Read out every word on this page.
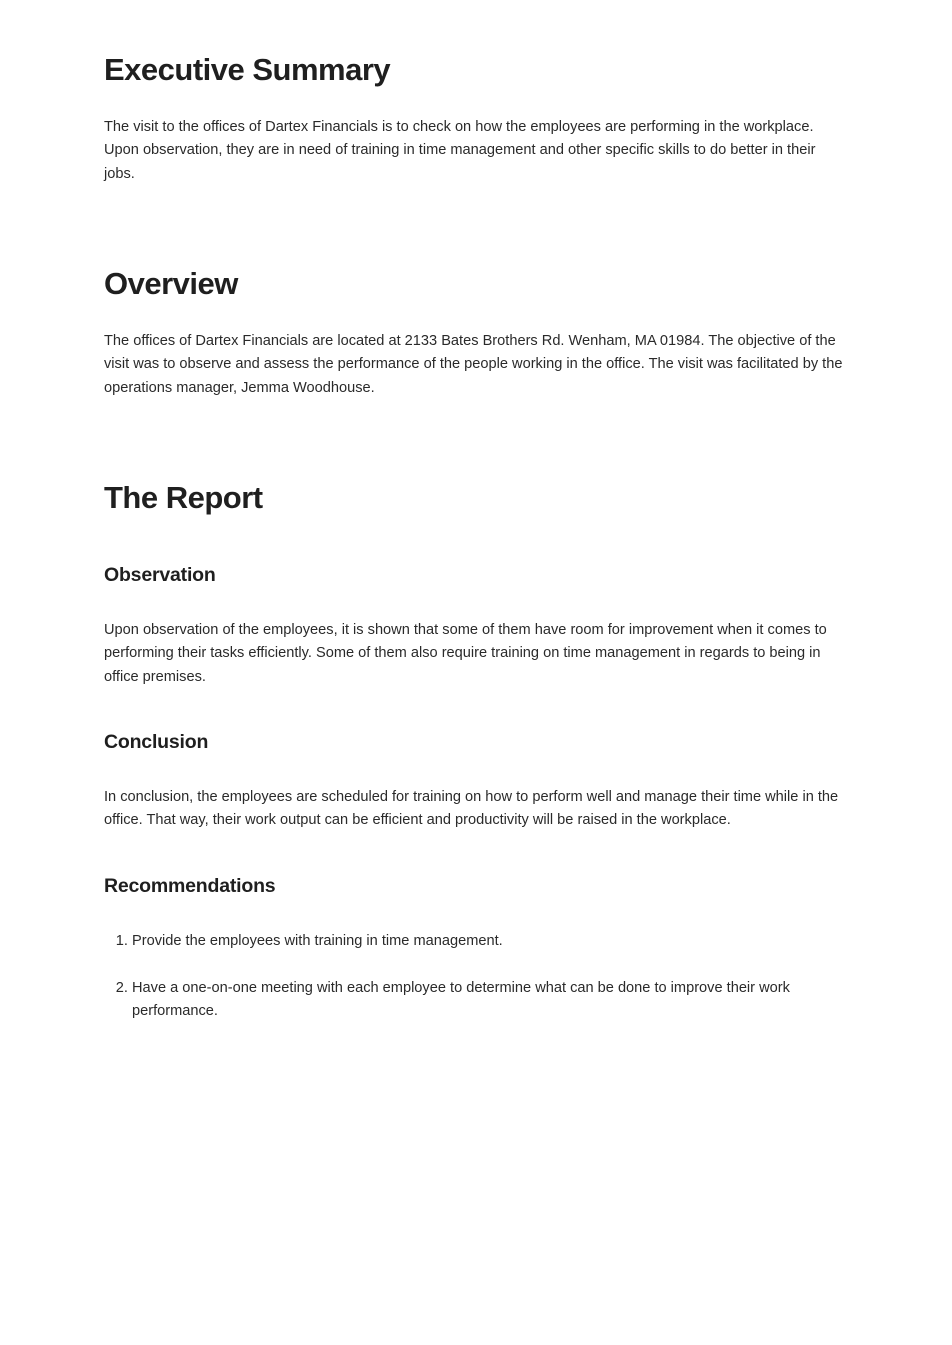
Executive Summary

The visit to the offices of Dartex Financials is to check on how the employees are performing in the workplace. Upon observation, they are in need of training in time management and other specific skills to do better in their jobs.

Overview

The offices of Dartex Financials are located at 2133 Bates Brothers Rd. Wenham, MA 01984. The objective of the visit was to observe and assess the performance of the people working in the office. The visit was facilitated by the operations manager, Jemma Woodhouse.

The Report
Observation

Upon observation of the employees, it is shown that some of them have room for improvement when it comes to performing their tasks efficiently. Some of them also require training on time management in regards to being in office premises.

Conclusion

In conclusion, the employees are scheduled for training on how to perform well and manage their time while in the office. That way, their work output can be efficient and productivity will be raised in the workplace.

Recommendations
1. Provide the employees with training in time management.
2. Have a one-on-one meeting with each employee to determine what can be done to improve their work performance.
